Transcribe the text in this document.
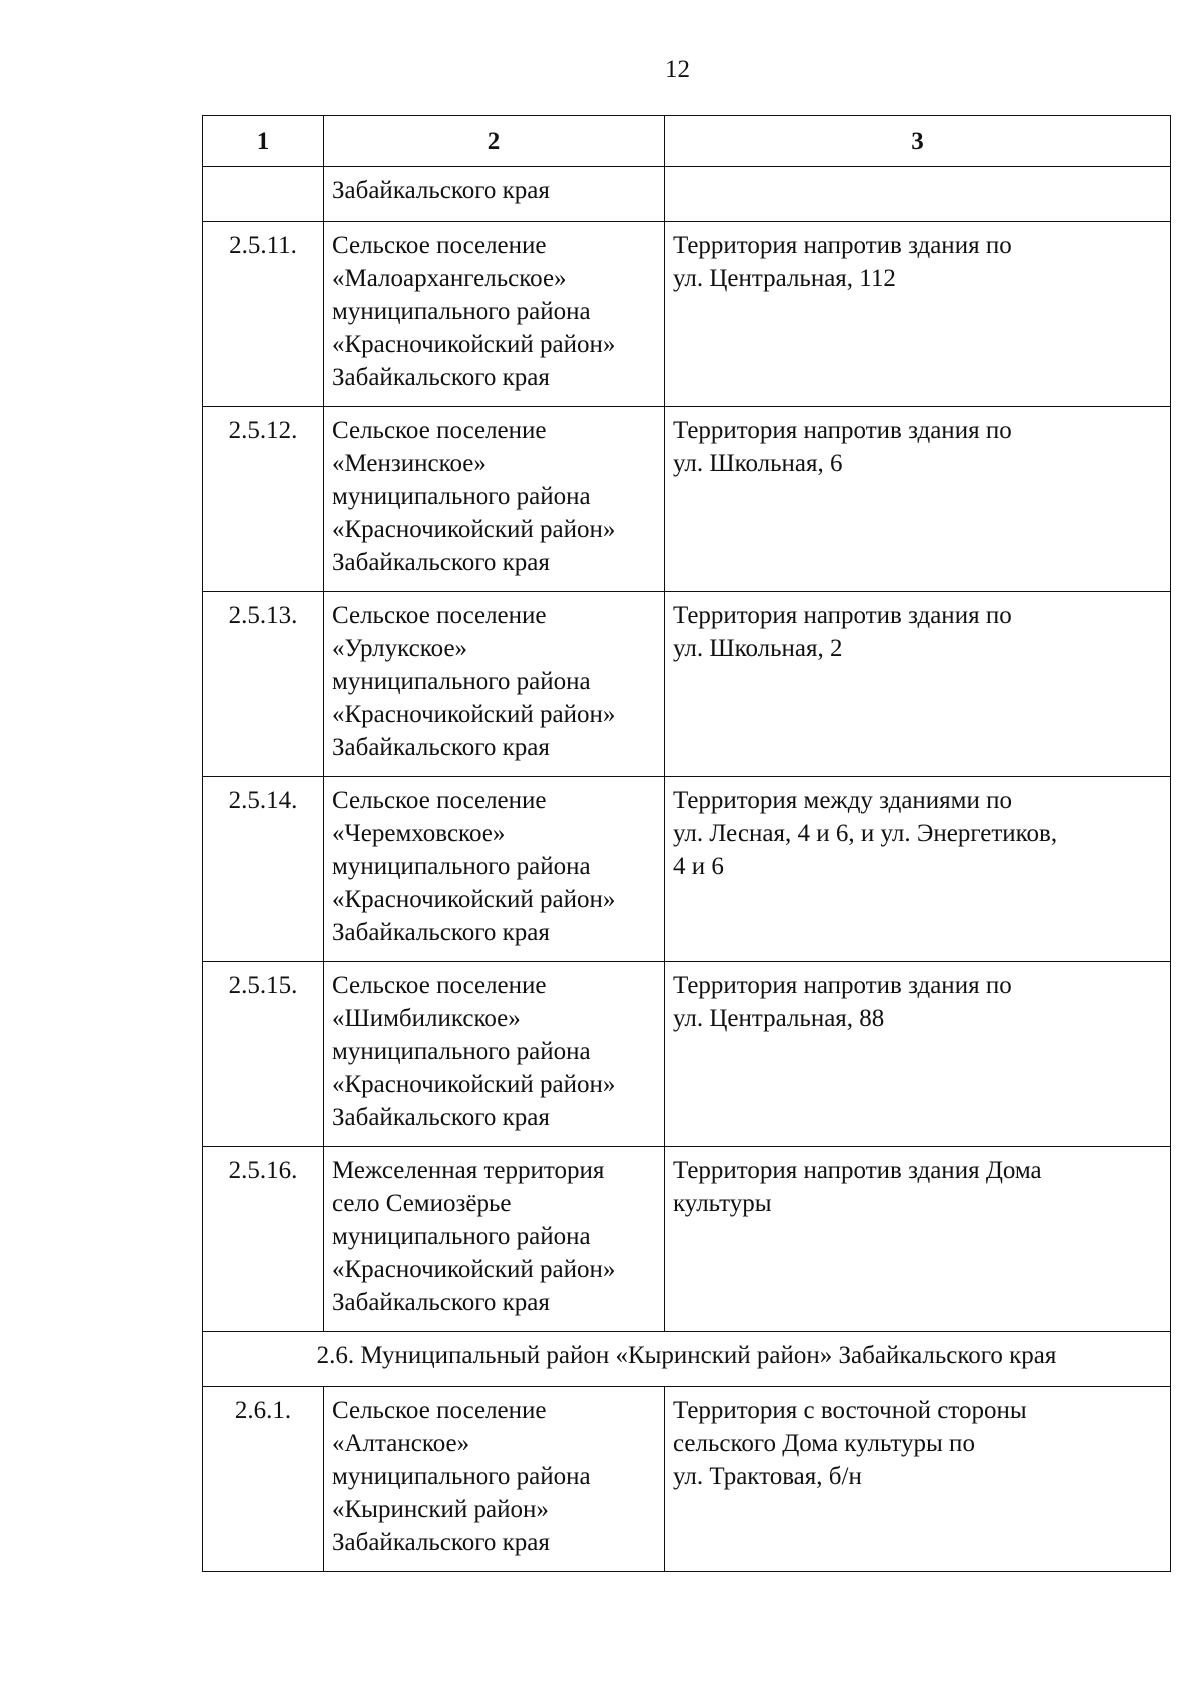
12
1	2	3

	Забайкальского края	

2.5.11.	Сельское поселение
«Малоархангельское»
муниципального района
«Красночикойский район»
Забайкальского края	Территория напротив здания по
ул. Центральная, 112

2.5.12.	Сельское поселение
«Мензинское»
муниципального района
«Красночикойский район»
Забайкальского края	Территория напротив здания по
ул. Школьная, 6

2.5.13.	Сельское поселение
«Урлукское»
муниципального района
«Красночикойский район»
Забайкальского края	Территория напротив здания по
ул. Школьная, 2

2.5.14.	Сельское поселение
«Черемховское»
муниципального района
«Красночикойский район»
Забайкальского края	Территория между зданиями по
ул. Лесная, 4 и 6, и ул. Энергетиков,
4 и 6

2.5.15.	Сельское поселение
«Шимбиликское»
муниципального района
«Красночикойский район»
Забайкальского края	Территория напротив здания по
ул. Центральная, 88

2.5.16.	Межселенная территория
село Семиозёрье
муниципального района
«Красночикойский район»
Забайкальского края	Территория напротив здания Дома
культуры

2.6. Муниципальный район «Кыринский район» Забайкальского края		
2.6.1.	Сельское поселение
«Алтанское»
муниципального района
«Кыринский район»
Забайкальского края	Территория с восточной стороны
сельского Дома культуры по
ул. Трактовая, б/н
